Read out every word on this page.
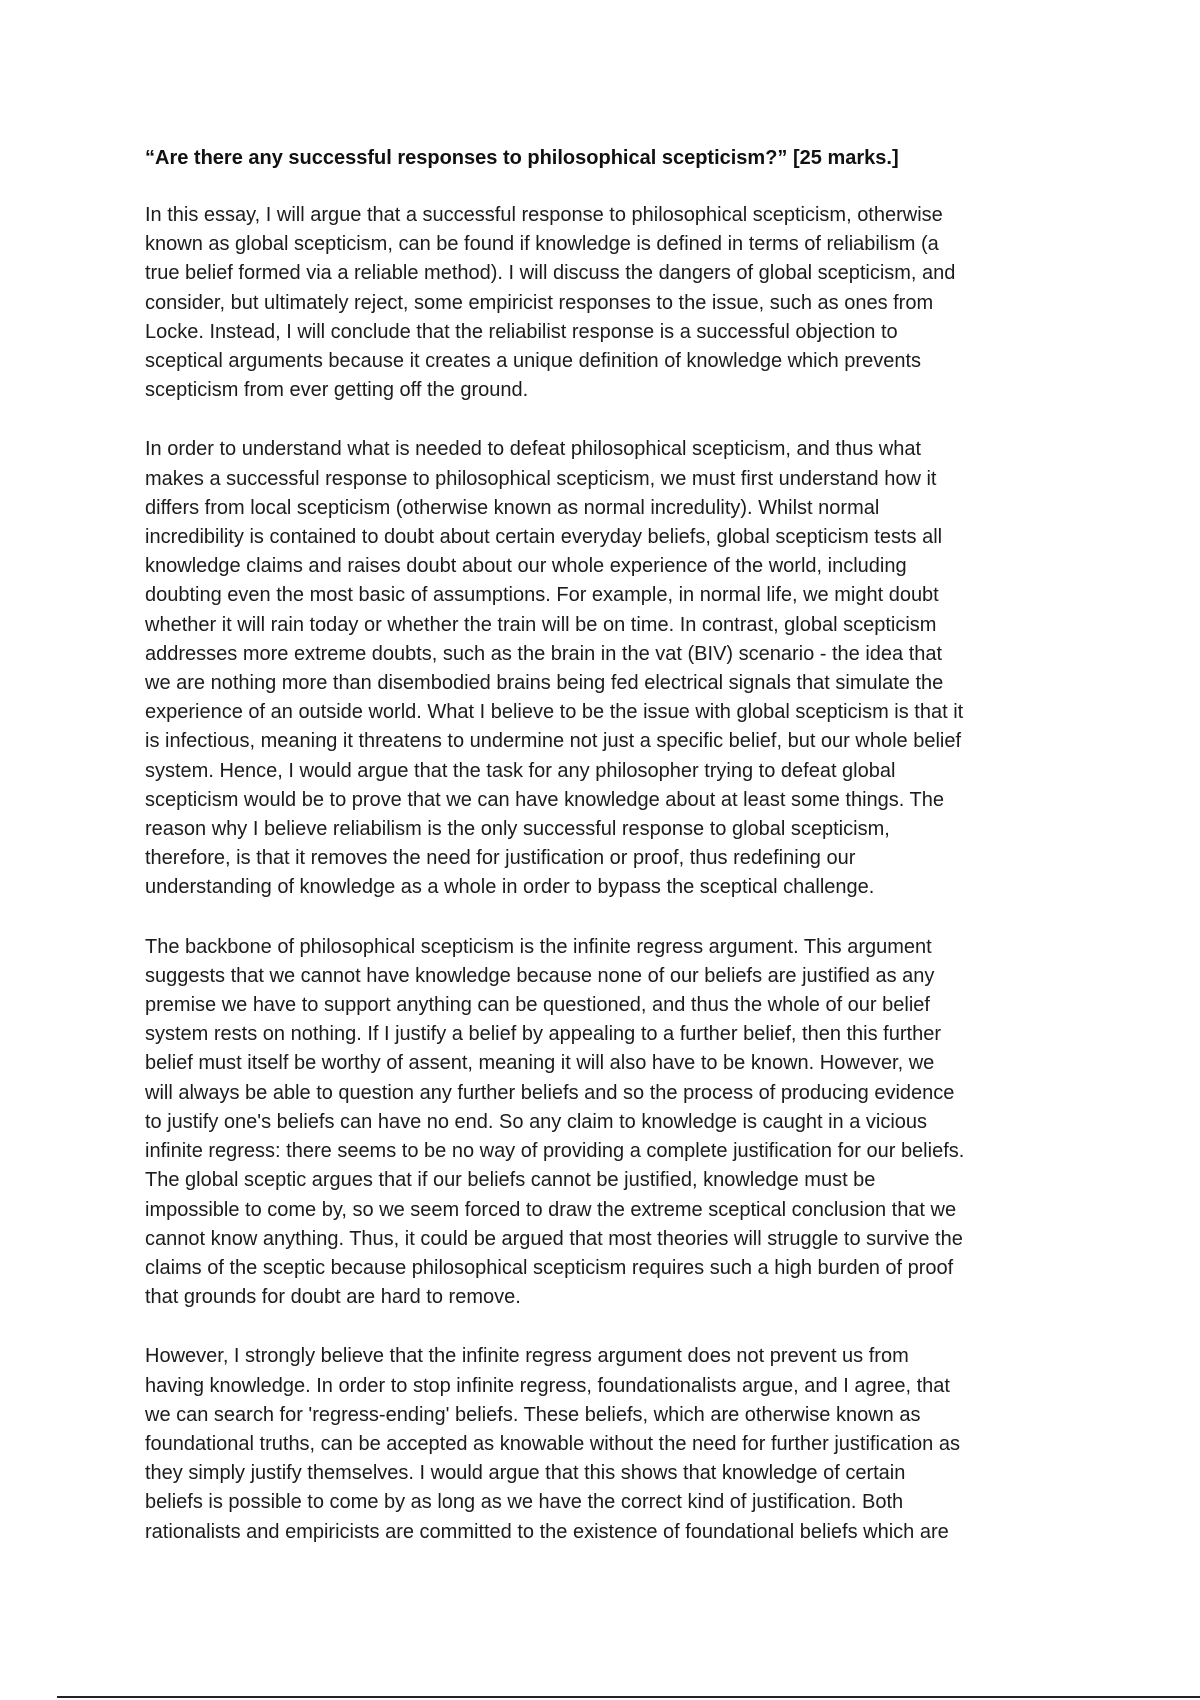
“Are there any successful responses to philosophical scepticism?” [25 marks.]

In this essay, I will argue that a successful response to philosophical scepticism, otherwise
known as global scepticism, can be found if knowledge is defined in terms of reliabilism (a
true belief formed via a reliable method). I will discuss the dangers of global scepticism, and
consider, but ultimately reject, some empiricist responses to the issue, such as ones from
Locke. Instead, I will conclude that the reliabilist response is a successful objection to
sceptical arguments because it creates a unique definition of knowledge which prevents
scepticism from ever getting off the ground.

In order to understand what is needed to defeat philosophical scepticism, and thus what
makes a successful response to philosophical scepticism, we must first understand how it
differs from local scepticism (otherwise known as normal incredulity). Whilst normal
incredibility is contained to doubt about certain everyday beliefs, global scepticism tests all
knowledge claims and raises doubt about our whole experience of the world, including
doubting even the most basic of assumptions. For example, in normal life, we might doubt
whether it will rain today or whether the train will be on time. In contrast, global scepticism
addresses more extreme doubts, such as the brain in the vat (BIV) scenario - the idea that
we are nothing more than disembodied brains being fed electrical signals that simulate the
experience of an outside world. What I believe to be the issue with global scepticism is that it
is infectious, meaning it threatens to undermine not just a specific belief, but our whole belief
system. Hence, I would argue that the task for any philosopher trying to defeat global
scepticism would be to prove that we can have knowledge about at least some things. The
reason why I believe reliabilism is the only successful response to global scepticism,
therefore, is that it removes the need for justification or proof, thus redefining our
understanding of knowledge as a whole in order to bypass the sceptical challenge.

The backbone of philosophical scepticism is the infinite regress argument. This argument
suggests that we cannot have knowledge because none of our beliefs are justified as any
premise we have to support anything can be questioned, and thus the whole of our belief
system rests on nothing. If I justify a belief by appealing to a further belief, then this further
belief must itself be worthy of assent, meaning it will also have to be known. However, we
will always be able to question any further beliefs and so the process of producing evidence
to justify one's beliefs can have no end. So any claim to knowledge is caught in a vicious
infinite regress: there seems to be no way of providing a complete justification for our beliefs.
The global sceptic argues that if our beliefs cannot be justified, knowledge must be
impossible to come by, so we seem forced to draw the extreme sceptical conclusion that we
cannot know anything. Thus, it could be argued that most theories will struggle to survive the
claims of the sceptic because philosophical scepticism requires such a high burden of proof
that grounds for doubt are hard to remove.

However, I strongly believe that the infinite regress argument does not prevent us from
having knowledge. In order to stop infinite regress, foundationalists argue, and I agree, that
we can search for 'regress-ending' beliefs. These beliefs, which are otherwise known as
foundational truths, can be accepted as knowable without the need for further justification as
they simply justify themselves. I would argue that this shows that knowledge of certain
beliefs is possible to come by as long as we have the correct kind of justification. Both
rationalists and empiricists are committed to the existence of foundational beliefs which are
